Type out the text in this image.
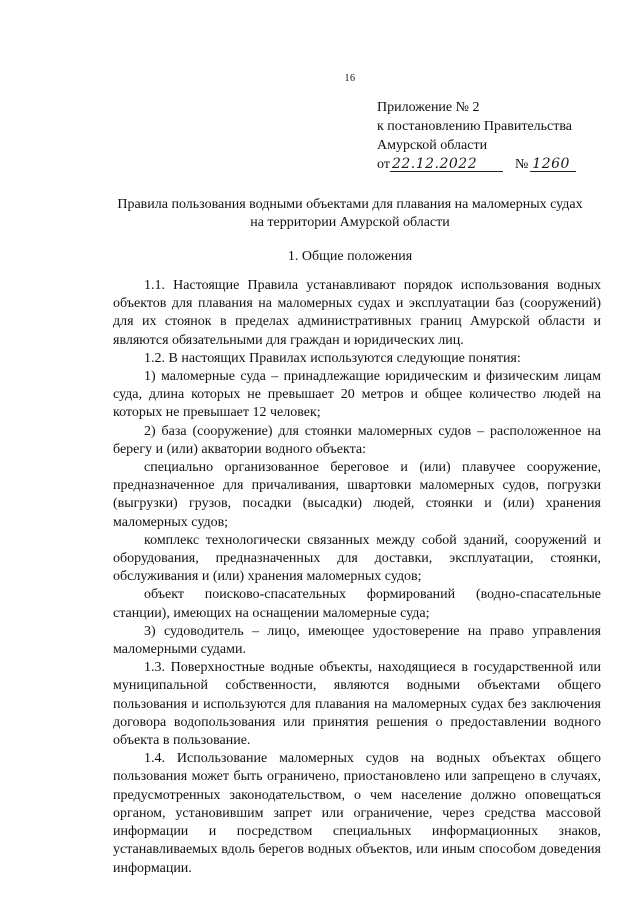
16
Приложение № 2
к постановлению Правительства
Амурской области
от 22.12.2022	№ 1260
Правила пользования водными объектами для плавания на маломерных судах
на территории Амурской области
1. Общие положения

1.1. Настоящие Правила устанавливают порядок использования водных объектов для плавания на маломерных судах и эксплуатации баз (сооружений) для их стоянок в пределах административных границ Амурской области и являются обязательными для граждан и юридических лиц.

1.2. В настоящих Правилах используются следующие понятия:

1) маломерные суда – принадлежащие юридическим и физическим лицам суда, длина которых не превышает 20 метров и общее количество людей на которых не превышает 12 человек;

2) база (сооружение) для стоянки маломерных судов – расположенное на берегу и (или) акватории водного объекта:

специально организованное береговое и (или) плавучее сооружение, предназначенное для причаливания, швартовки маломерных судов, погрузки (выгрузки) грузов, посадки (высадки) людей, стоянки и (или) хранения маломерных судов;

комплекс технологически связанных между собой зданий, сооружений и оборудования, предназначенных для доставки, эксплуатации, стоянки, обслуживания и (или) хранения маломерных судов;

объект поисково-спасательных формирований (водно-спасательные станции), имеющих на оснащении маломерные суда;

3) судоводитель – лицо, имеющее удостоверение на право управления маломерными судами.

1.3. Поверхностные водные объекты, находящиеся в государственной или муниципальной собственности, являются водными объектами общего пользования и используются для плавания на маломерных судах без заключения договора водопользования или принятия решения о предоставлении водного объекта в пользование.

1.4. Использование маломерных судов на водных объектах общего пользования может быть ограничено, приостановлено или запрещено в случаях, предусмотренных законодательством, о чем население должно оповещаться органом, установившим запрет или ограничение, через средства массовой информации и посредством специальных информационных знаков, устанавливаемых вдоль берегов водных объектов, или иным способом доведения информации.
